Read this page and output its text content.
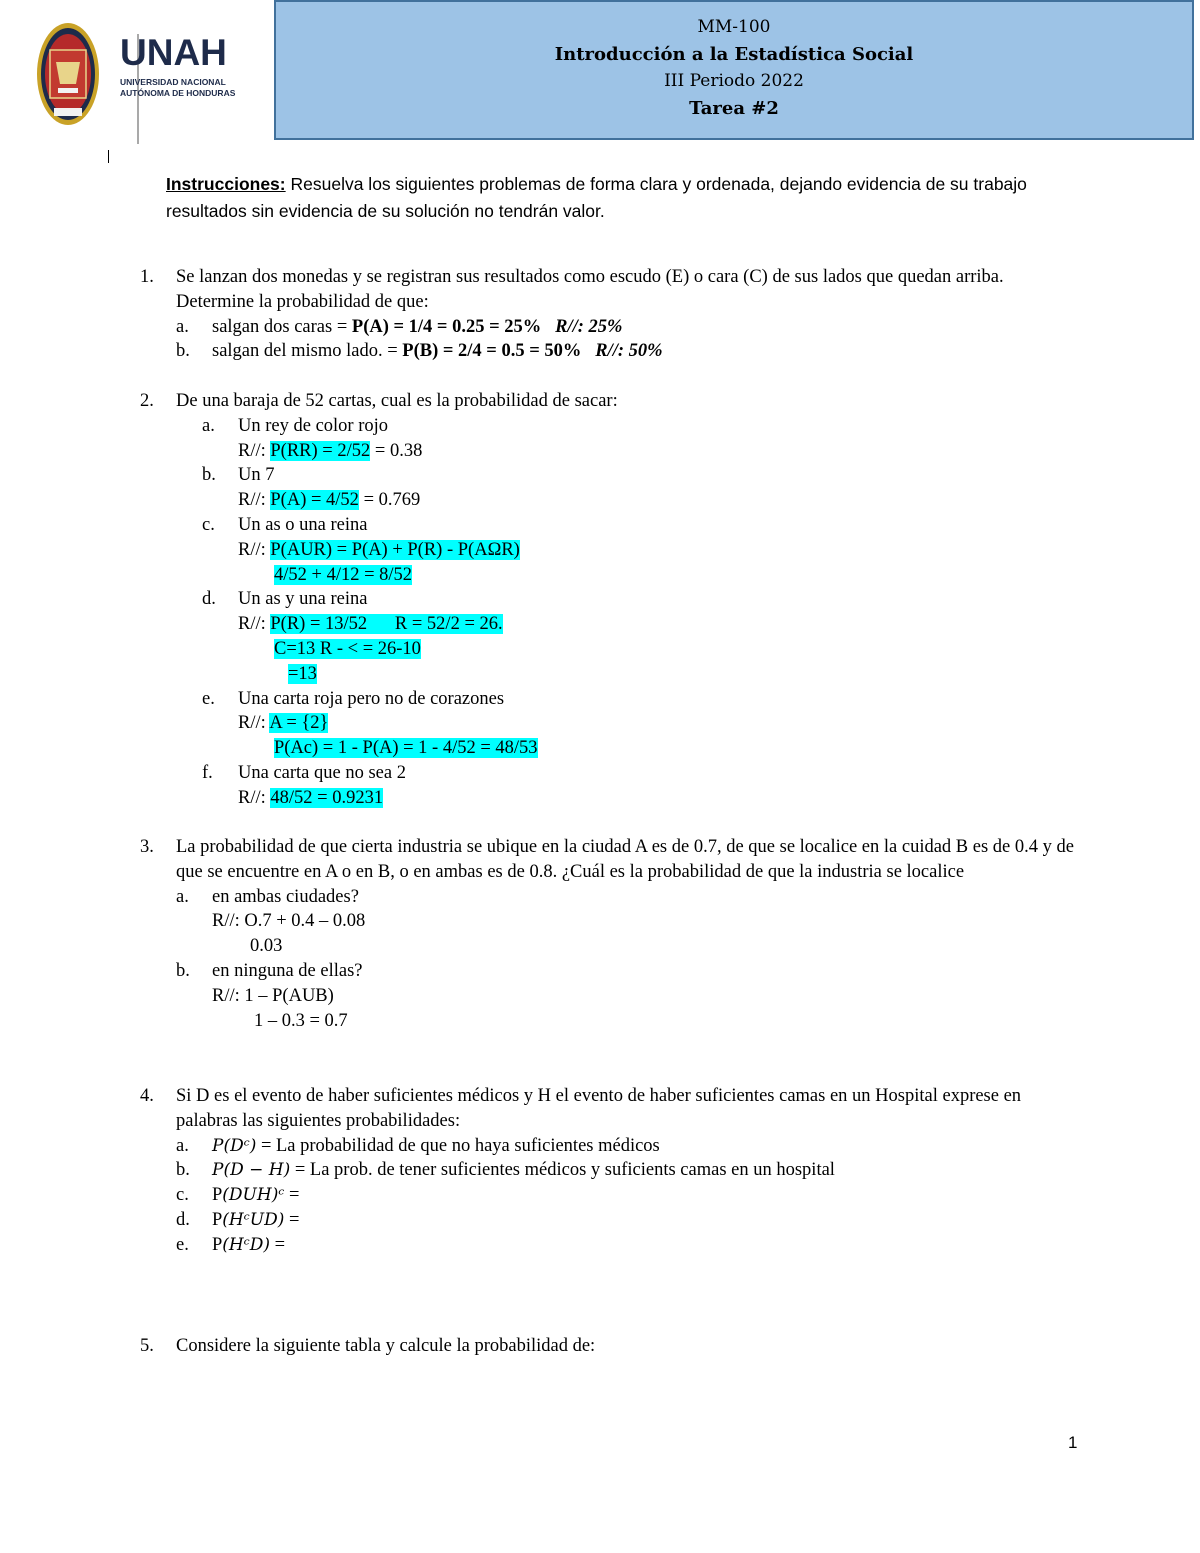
UNAH
UNIVERSIDAD NACIONAL
AUTÓNOMA DE HONDURAS
MM-100
Introducción a la Estadística Social
III Periodo 2022
Tarea #2
Instrucciones: Resuelva los siguientes problemas de forma clara y ordenada, dejando evidencia de su trabajo resultados sin evidencia de su solución no tendrán valor.
1. Se lanzan dos monedas y se registran sus resultados como escudo (E) o cara (C) de sus lados que quedan arriba. Determine la probabilidad de que:
a. salgan dos caras = P(A) = 1/4 = 0.25 = 25% R//: 25%
b. salgan del mismo lado. = P(B) = 2/4 = 0.5 = 50% R//: 50%
2. De una baraja de 52 cartas, cual es la probabilidad de sacar:
a. Un rey de color rojo
R//: P(RR) = 2/52 = 0.38
b. Un 7
R//: P(A) = 4/52 = 0.769
c. Un as o una reina
R//: P(AUR) = P(A) + P(R) - P(AΩR)
4/52 + 4/12 = 8/52
d. Un as y una reina
R//: P(R) = 13/52      R = 52/2 = 26.
C=13 R - < = 26-10
=13
e. Una carta roja pero no de corazones
R//: A = {2}
P(Ac) = 1 - P(A) = 1 - 4/52 = 48/53
f. Una carta que no sea 2
R//: 48/52 = 0.9231
3. La probabilidad de que cierta industria se ubique en la ciudad A es de 0.7, de que se localice en la cuidad B es de 0.4 y de que se encuentre en A o en B, o en ambas es de 0.8. ¿Cuál es la probabilidad de que la industria se localice
a. en ambas ciudades?
R//: O.7 + 0.4 – 0.08
0.03
b. en ninguna de ellas?
R//: 1 – P(AUB)
1 – 0.3 = 0.7
4. Si D es el evento de haber suficientes médicos y H el evento de haber suficientes camas en un Hospital exprese en palabras las siguientes probabilidades:
a. P(Dᶜ) = La probabilidad de que no haya suficientes médicos
b. P(D − H) = La prob. de tener suficientes médicos y suficients camas en un hospital
c. P(DUH)ᶜ =
d. P(HᶜUD) =
e. P(HᶜD) =
5. Considere la siguiente tabla y calcule la probabilidad de:
1
